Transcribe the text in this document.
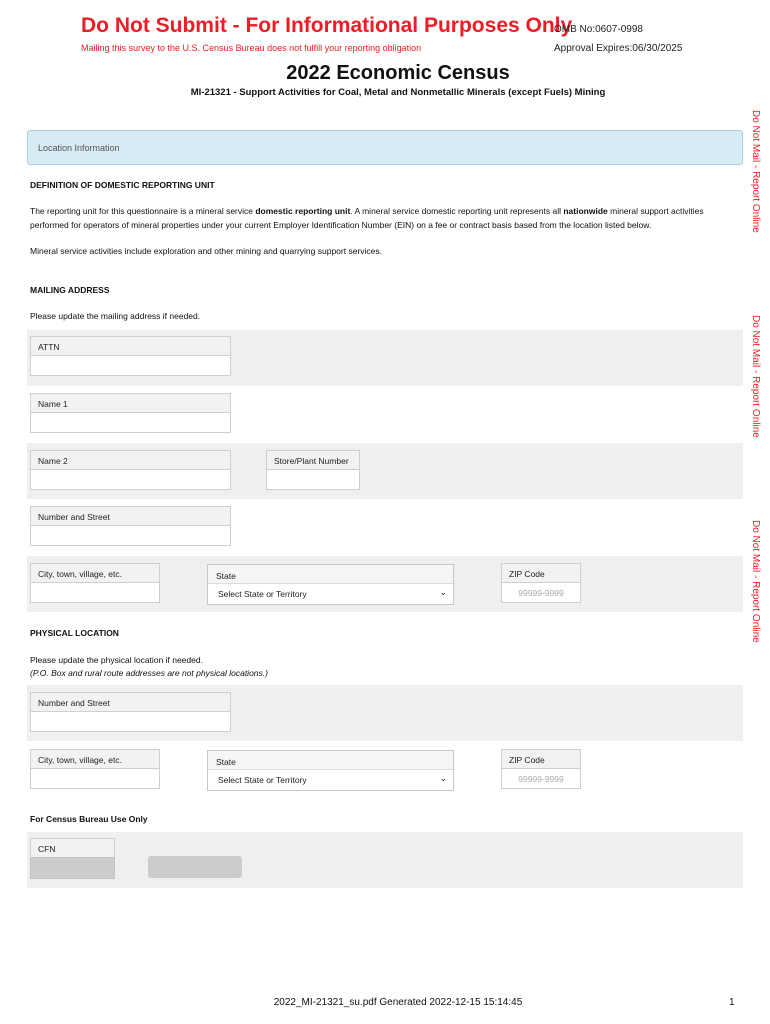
Do Not Submit - For Informational Purposes Only
Mailing this survey to the U.S. Census Bureau does not fulfill your reporting obligation
OMB No:0607-0998
Approval Expires:06/30/2025
2022 Economic Census
MI-21321 - Support Activities for Coal, Metal and Nonmetallic Minerals (except Fuels) Mining
Do Not Mail - Report Online
Do Not Mail - Report Online
Do Not Mail - Report Online
Location Information
DEFINITION OF DOMESTIC REPORTING UNIT
The reporting unit for this questionnaire is a mineral service domestic reporting unit. A mineral service domestic reporting unit represents all nationwide mineral support activities performed for operators of mineral properties under your current Employer Identification Number (EIN) on a fee or contract basis based from the location listed below.
Mineral service activities include exploration and other mining and quarrying support services.
MAILING ADDRESS
Please update the mailing address if needed.
ATTN
Name 1
Name 2	Store/Plant Number
Number and Street
City, town, village, etc.	State
Select State or Territory	⌄
ZIP Code
99999-9999
PHYSICAL LOCATION
Please update the physical location if needed.
(P.O. Box and rural route addresses are not physical locations.)
Number and Street
City, town, village, etc.	State
Select State or Territory	⌄
ZIP Code
99999-9999
For Census Bureau Use Only
CFN
2022_MI-21321_su.pdf Generated 2022-12-15 15:14:45	1
